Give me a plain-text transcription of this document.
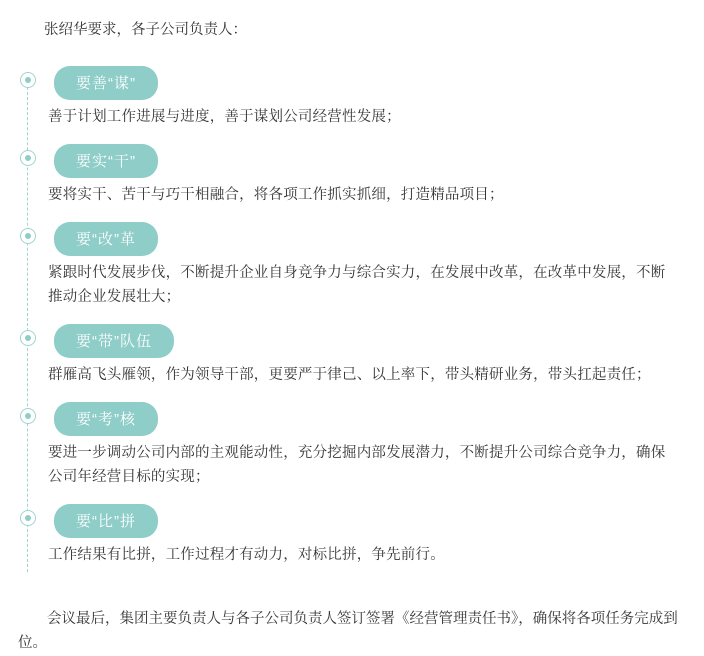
张绍华要求，各子公司负责人：

要善“谋”
善于计划工作进展与进度，善于谋划公司经营性发展；
要实“干”
要将实干、苦干与巧干相融合，将各项工作抓实抓细，打造精品项目；
要“改”革
紧跟时代发展步伐，不断提升企业自身竞争力与综合实力，在发展中改革，在改革中发展，不断推动企业发展壮大；
要“带”队伍
群雁高飞头雁领，作为领导干部，更要严于律己、以上率下，带头精研业务，带头扛起责任；
要“考”核
要进一步调动公司内部的主观能动性，充分挖掘内部发展潜力，不断提升公司综合竞争力，确保公司年经营目标的实现；
要“比”拼
工作结果有比拼，工作过程才有动力，对标比拼，争先前行。

会议最后，集团主要负责人与各子公司负责人签订签署《经营管理责任书》，确保将各项任务完成到位。
